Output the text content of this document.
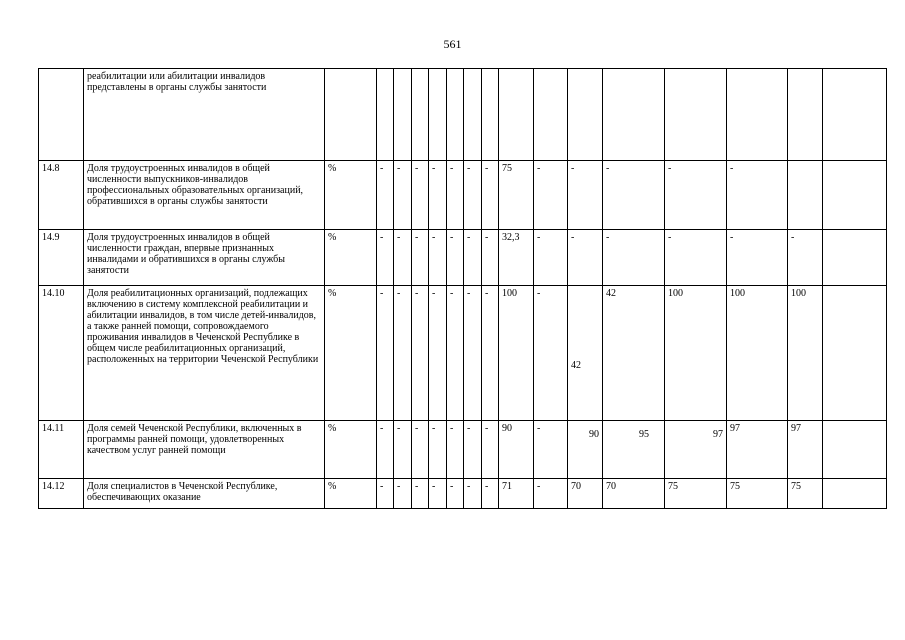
561
	реабилитации или абилитации инвалидов представлены в органы службы занятости																
14.8	Доля трудоустроенных инвалидов в общей численности выпускников-инвалидов профессиональных образовательных организаций, обратившихся в органы службы занятости	%	-	-	-	-	-	-	-	75	-	-	-	-	-		
14.9	Доля трудоустроенных инвалидов в общей численности граждан, впервые признанных инвалидами и обратившихся в органы службы занятости	%	-	-	-	-	-	-	-	32,3	-	-	-	-	-	-	
14.10	Доля реабилитационных организаций, подлежащих включению в систему комплексной реабилитации и абилитации инвалидов, в том числе детей-инвалидов, а также ранней помощи, сопровождаемого проживания инвалидов в Чеченской Республике в общем числе реабилитационных организаций, расположенных на территории Чеченской Республики	%	-	-	-	-	-	-	-	100	-	42	42	100	100	100	
14.11	Доля семей Чеченской Республики, включенных в программы ранней помощи, удовлетворенных качеством услуг ранней помощи	%	-	-	-	-	-	-	-	90	-	90	95	97	97	97	
14.12	Доля специалистов в Чеченской Республике, обеспечивающих оказание	%	-	-	-	-	-	-	-	71	-	70	70	75	75	75	
